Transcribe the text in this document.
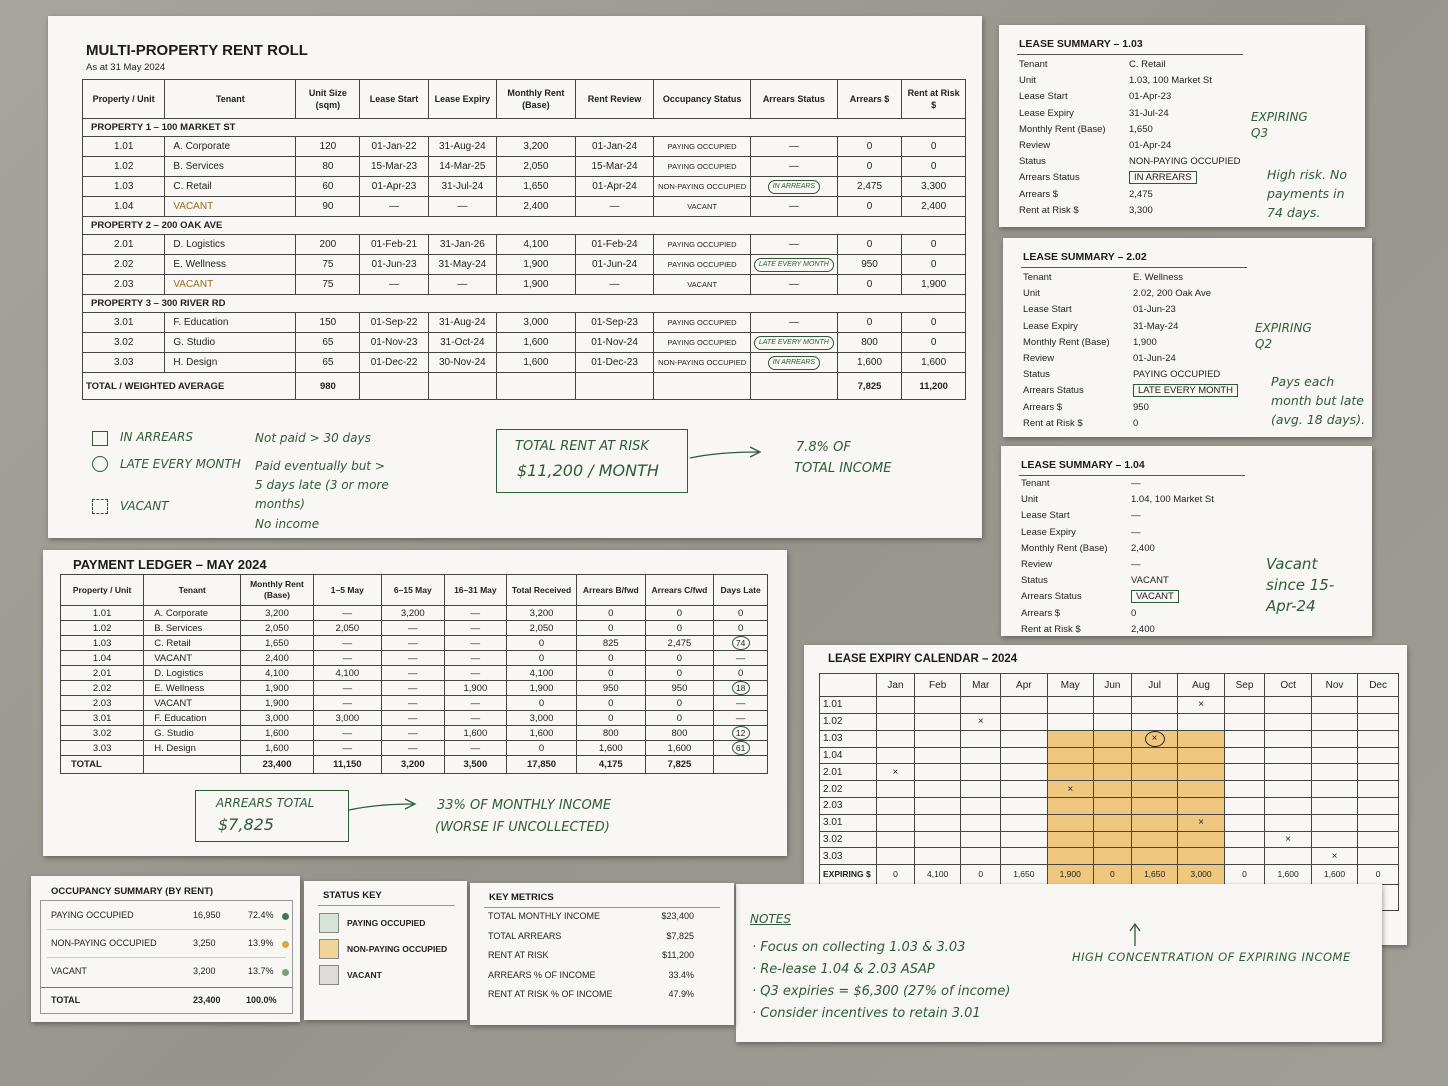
MULTI-PROPERTY RENT ROLL
As at 31 May 2024
Property / Unit	Tenant	Unit Size (sqm)	Lease Start	Lease Expiry	Monthly Rent (Base)	Rent Review	Occupancy Status	Arrears Status	Arrears $	Rent at Risk $
PROPERTY 1 – 100 MARKET ST										
1.01	A. Corporate	120	01-Jan-22	31-Aug-24	3,200	01-Jan-24	PAYING OCCUPIED	—	0	0
1.02	B. Services	80	15-Mar-23	14-Mar-25	2,050	15-Mar-24	PAYING OCCUPIED	—	0	0
1.03	C. Retail	60	01-Apr-23	31-Jul-24	1,650	01-Apr-24	NON-PAYING OCCUPIED	IN ARREARS	2,475	3,300
1.04	VACANT	90	—	—	2,400	—	VACANT	—	0	2,400
PROPERTY 2 – 200 OAK AVE										
2.01	D. Logistics	200	01-Feb-21	31-Jan-26	4,100	01-Feb-24	PAYING OCCUPIED	—	0	0
2.02	E. Wellness	75	01-Jun-23	31-May-24	1,900	01-Jun-24	PAYING OCCUPIED	LATE EVERY MONTH	950	0
2.03	VACANT	75	—	—	1,900	—	VACANT	—	0	1,900
PROPERTY 3 – 300 RIVER RD										
3.01	F. Education	150	01-Sep-22	31-Aug-24	3,000	01-Sep-23	PAYING OCCUPIED	—	0	0
3.02	G. Studio	65	01-Nov-23	31-Oct-24	1,600	01-Nov-24	PAYING OCCUPIED	LATE EVERY MONTH	800	0
3.03	H. Design	65	01-Dec-22	30-Nov-24	1,600	01-Dec-23	NON-PAYING OCCUPIED	IN ARREARS	1,600	1,600
TOTAL / WEIGHTED AVERAGE		980							7,825	11,200
IN ARREARS	Not paid > 30 days
LATE EVERY MONTH Paid eventually but > 5 days late (3 or more months)
VACANT
No income
TOTAL RENT AT RISK
$11,200 / MONTH
7.8% OF
TOTAL INCOME
LEASE SUMMARY – 1.03
Tenant	C. Retail
Unit	1.03, 100 Market St
Lease Start	01-Apr-23
Lease Expiry	31-Jul-24
Monthly Rent (Base) 1,650
Review	01-Apr-24
Status	NON-PAYING OCCUPIED
Arrears Status	IN ARREARS
Arrears $	2,475
Rent at Risk $	3,300
EXPIRING Q3
High risk. No payments in 74 days.
LEASE SUMMARY – 2.02
Tenant	E. Wellness
Unit	2.02, 200 Oak Ave
Lease Start	01-Jun-23
Lease Expiry	31-May-24
Monthly Rent (Base) 1,900
Review	01-Jun-24
Status	PAYING OCCUPIED
Arrears Status	LATE EVERY MONTH
Arrears $	950
Rent at Risk $	0
EXPIRING Q2
Pays each month but late (avg. 18 days).
LEASE SUMMARY – 1.04
Tenant	—
Unit	1.04, 100 Market St
Lease Start	—
Lease Expiry	—
Monthly Rent (Base) 2,400
Review	—
Status	VACANT
Arrears Status	VACANT
Arrears $	0
Rent at Risk $	2,400
Vacant since 15-Apr-24
PAYMENT LEDGER – MAY 2024
Property / Unit	Tenant	Monthly Rent (Base)	1–5 May	6–15 May	16–31 May	Total Received	Arrears B/fwd	Arrears C/fwd	Days Late
1.01	A. Corporate	3,200	—	3,200	—	3,200	0	0	0
1.02	B. Services	2,050	2,050	—	—	2,050	0	0	0
1.03	C. Retail	1,650	—	—	—	0	825	2,475	74
1.04	VACANT	2,400	—	—	—	0	0	0	—
2.01	D. Logistics	4,100	4,100	—	—	4,100	0	0	0
2.02	E. Wellness	1,900	—	—	1,900	1,900	950	950	18
2.03	VACANT	1,900	—	—	—	0	0	0	—
3.01	F. Education	3,000	3,000	—	—	3,000	0	0	—
3.02	G. Studio	1,600	—	—	1,600	1,600	800	800	12
3.03	H. Design	1,600	—	—	—	0	1,600	1,600	61
TOTAL		23,400	11,150	3,200	3,500	17,850	4,175	7,825	
ARREARS TOTAL
$7,825
33% OF MONTHLY INCOME
(WORSE IF UNCOLLECTED)
LEASE EXPIRY CALENDAR – 2024
	Jan	Feb	Mar	Apr	May	Jun	Jul	Aug	Sep	Oct	Nov	Dec
1.01								×				
1.02			×									
1.03							×					
1.04												
2.01	×											
2.02					×							
2.03												
3.01								×				
3.02										×		
3.03											×	
EXPIRING $	0	4,100	0	1,650	1,900	0	1,650	3,000	0	1,600	1,600	0

NOTES
· Focus on collecting 1.03 & 3.03
· Re-lease 1.04 & 2.03 ASAP
· Q3 expiries = $6,300 (27% of income)
· Consider incentives to retain 3.01
HIGH CONCENTRATION OF EXPIRING INCOME
OCCUPANCY SUMMARY (BY RENT)
PAYING OCCUPIED	16,950	72.4%
NON-PAYING OCCUPIED	3,250	13.9%
VACANT	3,200	13.7%
TOTAL	23,400	100.0%
STATUS KEY
PAYING OCCUPIED
NON-PAYING OCCUPIED
VACANT
KEY METRICS
TOTAL MONTHLY INCOME	$23,400
TOTAL ARREARS	$7,825
RENT AT RISK	$11,200
ARREARS % OF INCOME	33.4%
RENT AT RISK % OF INCOME	47.9%
